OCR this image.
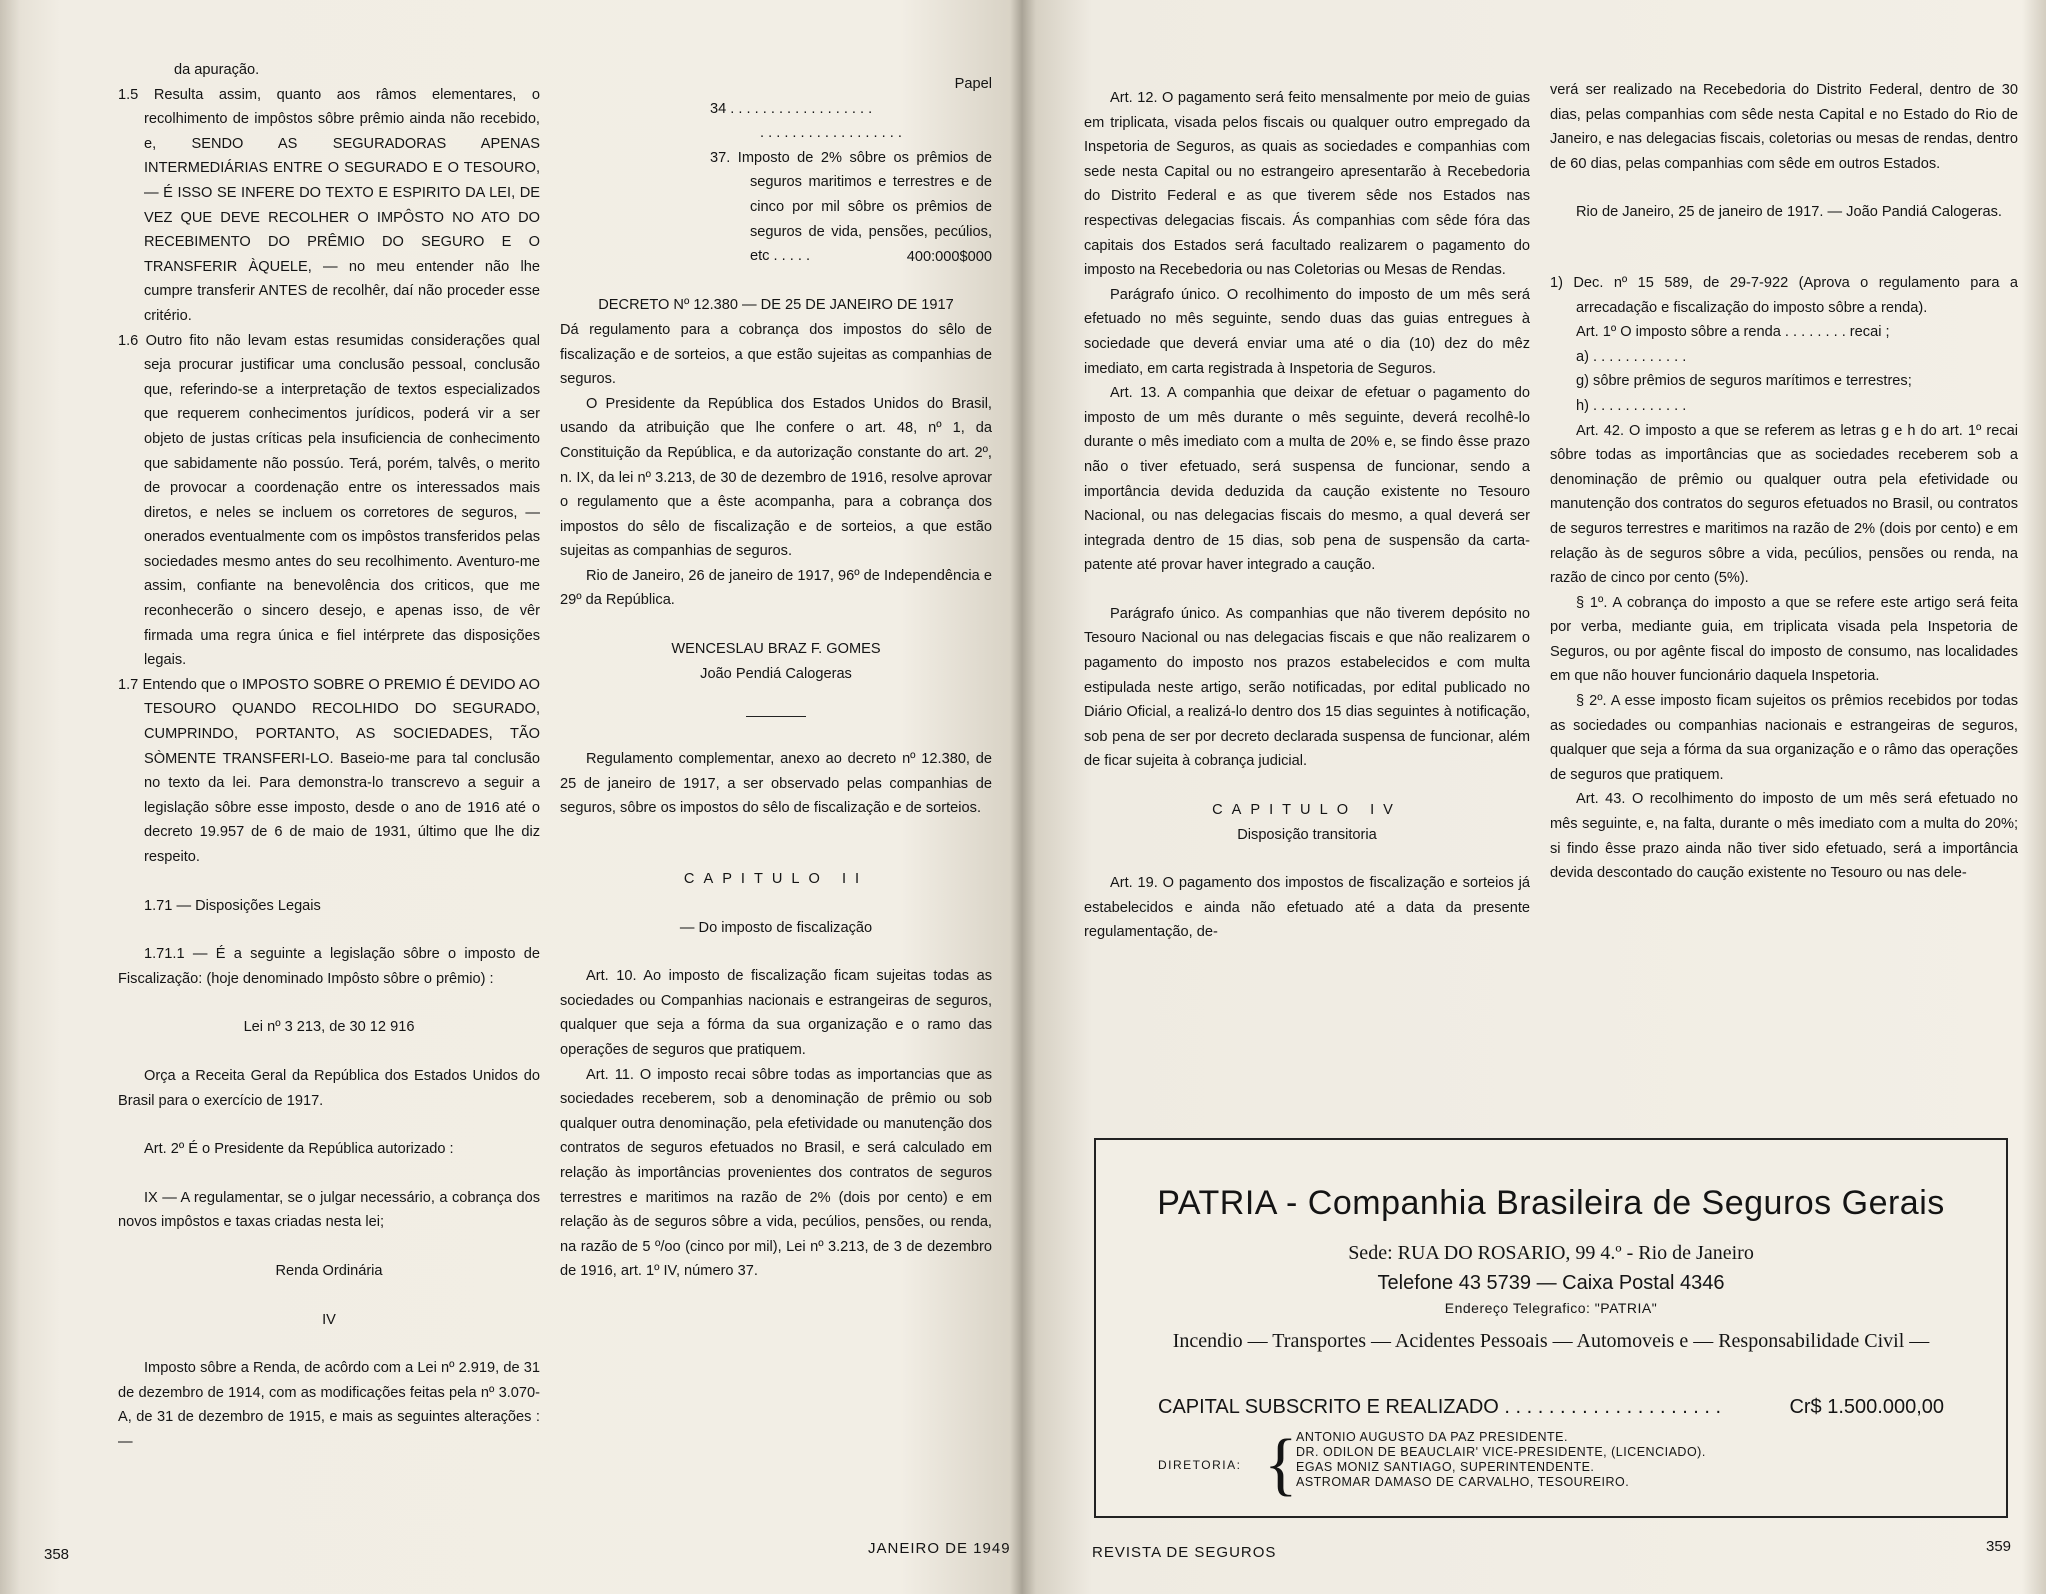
da apuração.

1.5 Resulta assim, quanto aos râmos elementares, o recolhimento de impôstos sôbre prêmio ainda não recebido, e, SENDO AS SEGURADORAS APENAS INTERMEDIÁRIAS ENTRE O SEGURADO E O TESOURO, — É ISSO SE INFERE DO TEXTO E ESPIRITO DA LEI, DE VEZ QUE DEVE RECOLHER O IMPÔSTO NO ATO DO RECEBIMENTO DO PRÊMIO DO SEGURO E O TRANSFERIR ÀQUELE, — no meu entender não lhe cumpre transferir ANTES de recolhêr, daí não proceder esse critério.

1.6 Outro fito não levam estas resumidas considerações qual seja procurar justificar uma conclusão pessoal, conclusão que, referindo-se a interpretação de textos especializados que requerem conhecimentos jurídicos, poderá vir a ser objeto de justas críticas pela insuficiencia de conhecimento que sabidamente não possúo. Terá, porém, talvês, o merito de provocar a coordenação entre os interessados mais diretos, e neles se incluem os corretores de seguros, — onerados eventualmente com os impôstos transferidos pelas sociedades mesmo antes do seu recolhimento. Aventuro-me assim, confiante na benevolência dos criticos, que me reconhecerão o sincero desejo, e apenas isso, de vêr firmada uma regra única e fiel intérprete das disposições legais.

1.7 Entendo que o IMPOSTO SOBRE O PREMIO É DEVIDO AO TESOURO QUANDO RECOLHIDO DO SEGURADO, CUMPRINDO, PORTANTO, AS SOCIEDADES, TÃO SÒMENTE TRANSFERI-LO. Baseio-me para tal conclusão no texto da lei. Para demonstra-lo transcrevo a seguir a legislação sôbre esse imposto, desde o ano de 1916 até o decreto 19.957 de 6 de maio de 1931, último que lhe diz respeito.

1.71 — Disposições Legais

1.71.1 — É a seguinte a legislação sôbre o imposto de Fiscalização: (hoje denominado Impôsto sôbre o prêmio) :

Lei nº 3 213, de 30 12 916

Orça a Receita Geral da República dos Estados Unidos do Brasil para o exercício de 1917.

Art. 2º É o Presidente da República autorizado :

IX — A regulamentar, se o julgar necessário, a cobrança dos novos impôstos e taxas criadas nesta lei;

Renda Ordinária

IV

Imposto sôbre a Renda, de acôrdo com a Lei nº 2.919, de 31 de dezembro de 1914, com as modificações feitas pela nº 3.070-A, de 31 de dezembro de 1915, e mais as seguintes alterações : —

Papel

34 . . . . . . . . . . . . . . . . . .

. . . . . . . . . . . . . . . . . .

37. Imposto de 2% sôbre os prêmios de seguros maritimos e terrestres e de cinco por mil sôbre os prêmios de seguros de vida, pensões, pecúlios, etc . . . . .	400:000$000

DECRETO Nº 12.380 — DE 25 DE JANEIRO DE 1917

Dá regulamento para a cobrança dos impostos do sêlo de fiscalização e de sorteios, a que estão sujeitas as companhias de seguros.

O Presidente da República dos Estados Unidos do Brasil, usando da atribuição que lhe confere o art. 48, nº 1, da Constituição da República, e da autorização constante do art. 2º, n. IX, da lei nº 3.213, de 30 de dezembro de 1916, resolve aprovar o regulamento que a êste acompanha, para a cobrança dos impostos do sêlo de fiscalização e de sorteios, a que estão sujeitas as companhias de seguros.

Rio de Janeiro, 26 de janeiro de 1917, 96º de Independência e 29º da República.

WENCESLAU BRAZ F. GOMES

João Pendiá Calogeras

Regulamento complementar, anexo ao decreto nº 12.380, de 25 de janeiro de 1917, a ser observado pelas companhias de seguros, sôbre os impostos do sêlo de fiscalização e de sorteios.

CAPITULO II

— Do imposto de fiscalização

Art. 10. Ao imposto de fiscalização ficam sujeitas todas as sociedades ou Companhias nacionais e estrangeiras de seguros, qualquer que seja a fórma da sua organização e o ramo das operações de seguros que pratiquem.

Art. 11. O imposto recai sôbre todas as importancias que as sociedades receberem, sob a denominação de prêmio ou sob qualquer outra denominação, pela efetividade ou manutenção dos contratos de seguros efetuados no Brasil, e será calculado em relação às importâncias provenientes dos contratos de seguros terrestres e maritimos na razão de 2% (dois por cento) e em relação às de seguros sôbre a vida, pecúlios, pensões, ou renda, na razão de 5 º/oo (cinco por mil), Lei nº 3.213, de 3 de dezembro de 1916, art. 1º IV, número 37.

358	JANEIRO DE 1949

Art. 12. O pagamento será feito mensalmente por meio de guias em triplicata, visada pelos fiscais ou qualquer outro empregado da Inspetoria de Seguros, as quais as sociedades e companhias com sede nesta Capital ou no estrangeiro apresentarão à Recebedoria do Distrito Federal e as que tiverem sêde nos Estados nas respectivas delegacias fiscais. Ás companhias com sêde fóra das capitais dos Estados será facultado realizarem o pagamento do imposto na Recebedoria ou nas Coletorias ou Mesas de Rendas.

Parágrafo único. O recolhimento do imposto de um mês será efetuado no mês seguinte, sendo duas das guias entregues à sociedade que deverá enviar uma até o dia (10) dez do mêz imediato, em carta registrada à Inspetoria de Seguros.

Art. 13. A companhia que deixar de efetuar o pagamento do imposto de um mês durante o mês seguinte, deverá recolhê-lo durante o mês imediato com a multa de 20% e, se findo êsse prazo não o tiver efetuado, será suspensa de funcionar, sendo a importância devida deduzida da caução existente no Tesouro Nacional, ou nas delegacias fiscais do mesmo, a qual deverá ser integrada dentro de 15 dias, sob pena de suspensão da carta-patente até provar haver integrado a caução.

Parágrafo único. As companhias que não tiverem depósito no Tesouro Nacional ou nas delegacias fiscais e que não realizarem o pagamento do imposto nos prazos estabelecidos e com multa estipulada neste artigo, serão notificadas, por edital publicado no Diário Oficial, a realizá-lo dentro dos 15 dias seguintes à notificação, sob pena de ser por decreto declarada suspensa de funcionar, além de ficar sujeita à cobrança judicial.

CAPITULO IV

Disposição transitoria

Art. 19. O pagamento dos impostos de fiscalização e sorteios já estabelecidos e ainda não efetuado até a data da presente regulamentação, de-

verá ser realizado na Recebedoria do Distrito Federal, dentro de 30 dias, pelas companhias com sêde nesta Capital e no Estado do Rio de Janeiro, e nas delegacias fiscais, coletorias ou mesas de rendas, dentro de 60 dias, pelas companhias com sêde em outros Estados.

Rio de Janeiro, 25 de janeiro de 1917. — João Pandiá Calogeras.

1) Dec. nº 15 589, de 29-7-922 (Aprova o regulamento para a arrecadação e fiscalização do imposto sôbre a renda).

Art. 1º O imposto sôbre a renda . . . . . . . . recai ;

a) . . . . . . . . . . . .

g) sôbre prêmios de seguros marítimos e terrestres;

h) . . . . . . . . . . . .

Art. 42. O imposto a que se referem as letras g e h do art. 1º recai sôbre todas as importâncias que as sociedades receberem sob a denominação de prêmio ou qualquer outra pela efetividade ou manutenção dos contratos do seguros efetuados no Brasil, ou contratos de seguros terrestres e maritimos na razão de 2% (dois por cento) e em relação às de seguros sôbre a vida, pecúlios, pensões ou renda, na razão de cinco por cento (5%).

§ 1º. A cobrança do imposto a que se refere este artigo será feita por verba, mediante guia, em triplicata visada pela Inspetoria de Seguros, ou por agênte fiscal do imposto de consumo, nas localidades em que não houver funcionário daquela Inspetoria.

§ 2º. A esse imposto ficam sujeitos os prêmios recebidos por todas as sociedades ou companhias nacionais e estrangeiras de seguros, qualquer que seja a fórma da sua organização e o râmo das operações de seguros que pratiquem.

Art. 43. O recolhimento do imposto de um mês será efetuado no mês seguinte, e, na falta, durante o mês imediato com a multa do 20%; si findo êsse prazo ainda não tiver sido efetuado, será a importância devida descontado do caução existente no Tesouro ou nas dele-

REVISTA DE SEGUROS	359
PATRIA - Companhia Brasileira de Seguros Gerais
Sede: RUA DO ROSARIO, 99 4.º - Rio de Janeiro
Telefone 43 5739 — Caixa Postal 4346
Endereço Telegrafico: "PATRIA"
Incendio — Transportes — Acidentes Pessoais — Automoveis e — Responsabilidade Civil —
CAPITAL SUBSCRITO E REALIZADO . . . . . . . . . . . . . . . . . . . .	Cr$ 1.500.000,00
DIRETORIA: {
ANTONIO AUGUSTO DA PAZ PRESIDENTE.
DR. ODILON DE BEAUCLAIR' VICE-PRESIDENTE, (LICENCIADO).
EGAS MONIZ SANTIAGO, SUPERINTENDENTE.
ASTROMAR DAMASO DE CARVALHO, TESOUREIRO.
